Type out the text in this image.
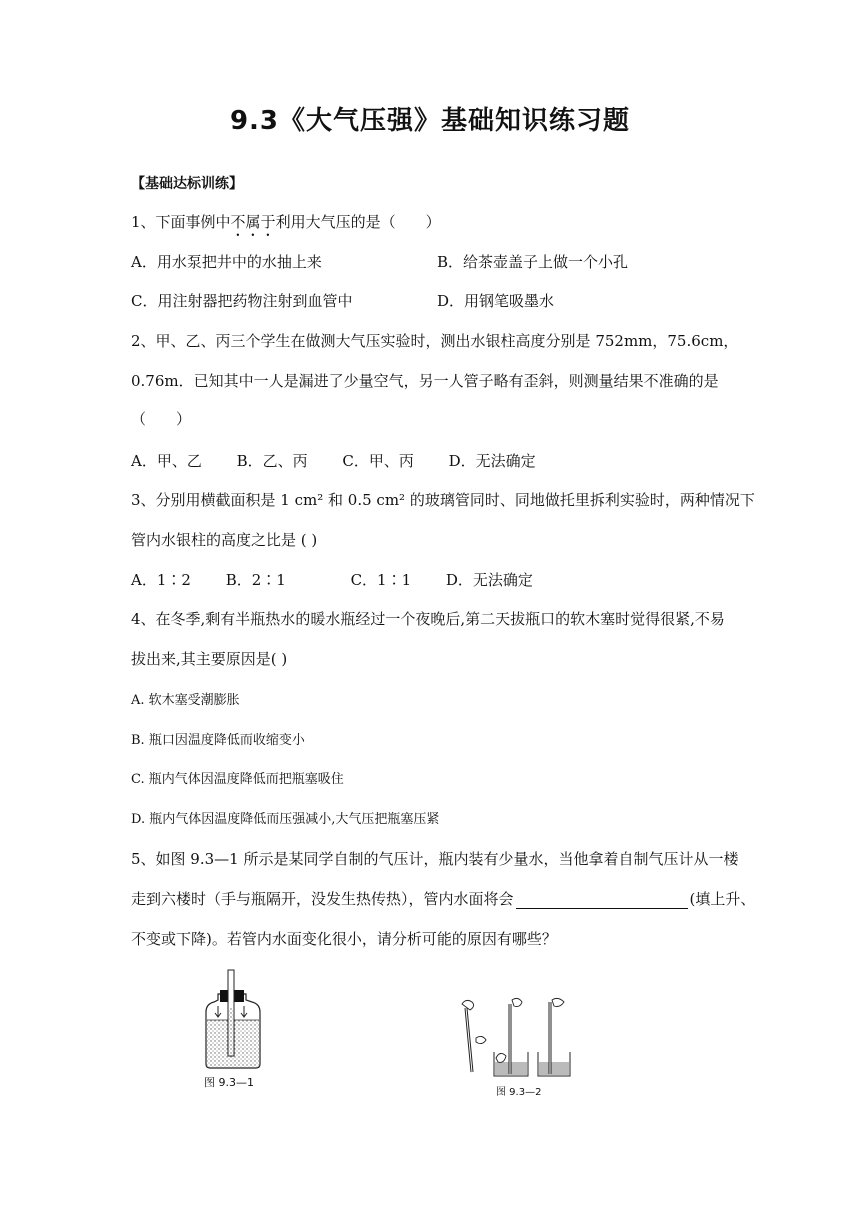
9.3《大气压强》基础知识练习题
【基础达标训练】
1、下面事例中不属于利用大气压的是（　　）
A．用水泵把井中的水抽上来	B．给茶壶盖子上做一个小孔
C．用注射器把药物注射到血管中	D．用钢笔吸墨水
2、甲、乙、丙三个学生在做测大气压实验时，测出水银柱高度分别是 752mm，75.6cm，
0.76m．已知其中一人是漏进了少量空气，另一人管子略有歪斜，则测量结果不准确的是
（　　）
A．甲、乙　　 B．乙、丙　　 C．甲、丙　　 D．无法确定
3、分别用横截面积是 1 cm² 和 0.5 cm² 的玻璃管同时、同地做托里拆利实验时，两种情况下
管内水银柱的高度之比是 ( )
A．1∶2　　 B．2∶1　　　　 C．1∶1　　 D．无法确定
4、在冬季,剩有半瓶热水的暖水瓶经过一个夜晚后,第二天拔瓶口的软木塞时觉得很紧,不易
拔出来,其主要原因是( )
A. 软木塞受潮膨胀
B. 瓶口因温度降低而收缩变小
C. 瓶内气体因温度降低而把瓶塞吸住
D. 瓶内气体因温度降低而压强减小,大气压把瓶塞压紧
5、如图 9.3—1 所示是某同学自制的气压计，瓶内装有少量水，当他拿着自制气压计从一楼
走到六楼时（手与瓶隔开，没发生热传热），管内水面将会	(填上升、
不变或下降)。若管内水面变化很小，请分析可能的原因有哪些？
图 9.3—1
图 9.3—2
